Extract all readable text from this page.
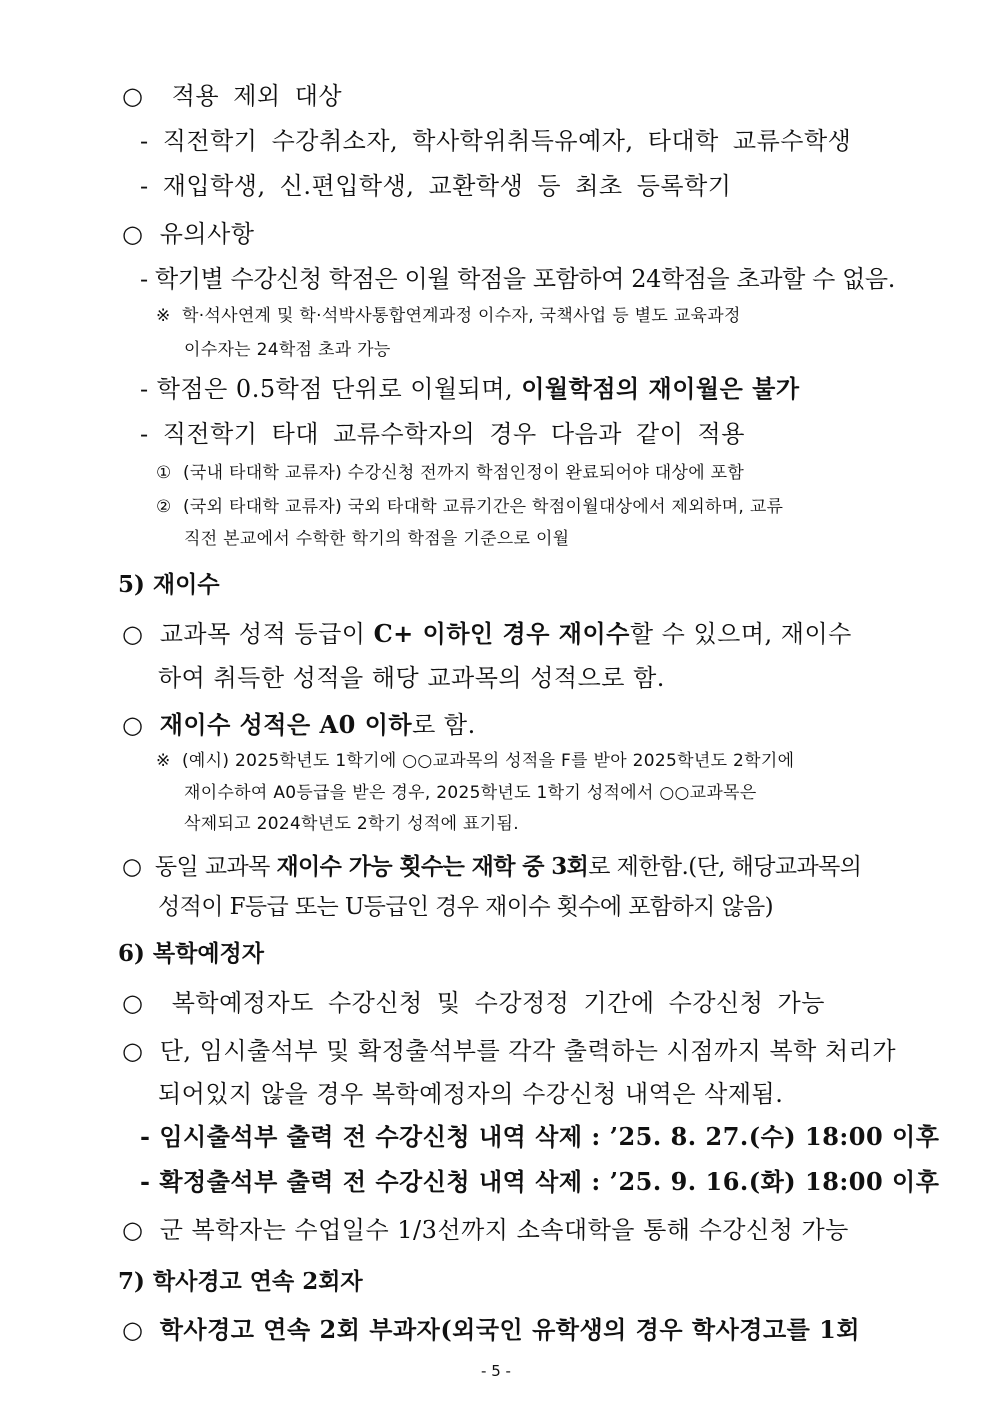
○ 적용 제외 대상
- 직전학기 수강취소자, 학사학위취득유예자, 타대학 교류수학생
- 재입학생, 신.편입학생, 교환학생 등 최초 등록학기
○ 유의사항
- 학기별 수강신청 학점은 이월 학점을 포함하여 24학점을 초과할 수 없음.
※ 학·석사연계 및 학·석박사통합연계과정 이수자, 국책사업 등 별도 교육과정
이수자는 24학점 초과 가능
- 학점은 0.5학점 단위로 이월되며, 이월학점의 재이월은 불가
- 직전학기 타대 교류수학자의 경우 다음과 같이 적용
① (국내 타대학 교류자) 수강신청 전까지 학점인정이 완료되어야 대상에 포함
② (국외 타대학 교류자) 국외 타대학 교류기간은 학점이월대상에서 제외하며, 교류
직전 본교에서 수학한 학기의 학점을 기준으로 이월
5) 재이수
○ 교과목 성적 등급이 C+ 이하인 경우 재이수할 수 있으며, 재이수
하여 취득한 성적을 해당 교과목의 성적으로 함.
○ 재이수 성적은 A0 이하로 함.
※ (예시) 2025학년도 1학기에 ○○교과목의 성적을 F를 받아 2025학년도 2학기에
재이수하여 A0등급을 받은 경우, 2025학년도 1학기 성적에서 ○○교과목은
삭제되고 2024학년도 2학기 성적에 표기됨.
○ 동일 교과목 재이수 가능 횟수는 재학 중 3회로 제한함.(단, 해당교과목의
성적이 F등급 또는 U등급인 경우 재이수 횟수에 포함하지 않음)
6) 복학예정자
○ 복학예정자도 수강신청 및 수강정정 기간에 수강신청 가능
○ 단, 임시출석부 및 확정출석부를 각각 출력하는 시점까지 복학 처리가
되어있지 않을 경우 복학예정자의 수강신청 내역은 삭제됨.
- 임시출석부 출력 전 수강신청 내역 삭제 : ’25. 8. 27.(수) 18:00 이후
- 확정출석부 출력 전 수강신청 내역 삭제 : ’25. 9. 16.(화) 18:00 이후
○ 군 복학자는 수업일수 1/3선까지 소속대학을 통해 수강신청 가능
7) 학사경고 연속 2회자
○ 학사경고 연속 2회 부과자(외국인 유학생의 경우 학사경고를 1회
- 5 -
